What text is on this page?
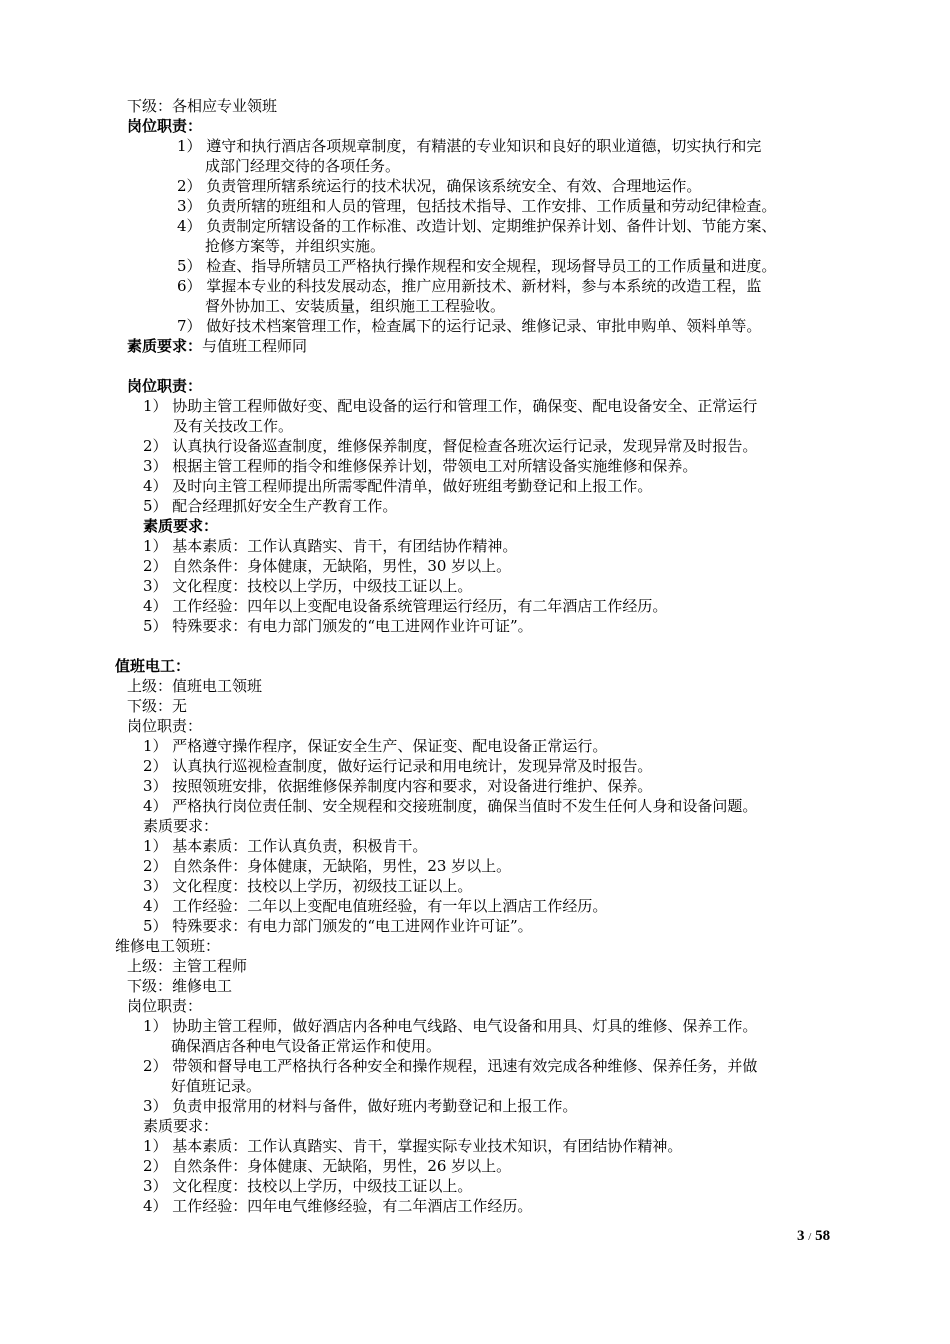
下级：各相应专业领班
岗位职责：
1） 遵守和执行酒店各项规章制度，有精湛的专业知识和良好的职业道德，切实执行和完
成部门经理交待的各项任务。
2） 负责管理所辖系统运行的技术状况，确保该系统安全、有效、合理地运作。
3） 负责所辖的班组和人员的管理，包括技术指导、工作安排、工作质量和劳动纪律检查。
4） 负责制定所辖设备的工作标准、改造计划、定期维护保养计划、备件计划、节能方案、
抢修方案等，并组织实施。
5） 检查、指导所辖员工严格执行操作规程和安全规程，现场督导员工的工作质量和进度。
6） 掌握本专业的科技发展动态，推广应用新技术、新材料，参与本系统的改造工程，监
督外协加工、安装质量，组织施工工程验收。
7） 做好技术档案管理工作，检查属下的运行记录、维修记录、审批申购单、领料单等。
素质要求：与值班工程师同
岗位职责：
1） 协助主管工程师做好变、配电设备的运行和管理工作，确保变、配电设备安全、正常运行
及有关技改工作。
2） 认真执行设备巡查制度，维修保养制度，督促检查各班次运行记录，发现异常及时报告。
3） 根据主管工程师的指令和维修保养计划，带领电工对所辖设备实施维修和保养。
4） 及时向主管工程师提出所需零配件清单，做好班组考勤登记和上报工作。
5） 配合经理抓好安全生产教育工作。
素质要求：
1） 基本素质：工作认真踏实、肯干，有团结协作精神。
2） 自然条件：身体健康，无缺陷，男性，30 岁以上。
3） 文化程度：技校以上学历，中级技工证以上。
4） 工作经验：四年以上变配电设备系统管理运行经历，有二年酒店工作经历。
5） 特殊要求：有电力部门颁发的“电工进网作业许可证”。
值班电工：
上级：值班电工领班
下级：无
岗位职责：
1） 严格遵守操作程序，保证安全生产、保证变、配电设备正常运行。
2） 认真执行巡视检查制度，做好运行记录和用电统计，发现异常及时报告。
3） 按照领班安排，依据维修保养制度内容和要求，对设备进行维护、保养。
4） 严格执行岗位责任制、安全规程和交接班制度，确保当值时不发生任何人身和设备问题。
素质要求：
1） 基本素质：工作认真负责，积极肯干。
2） 自然条件：身体健康，无缺陷，男性，23 岁以上。
3） 文化程度：技校以上学历，初级技工证以上。
4） 工作经验：二年以上变配电值班经验，有一年以上酒店工作经历。
5） 特殊要求：有电力部门颁发的“电工进网作业许可证”。
维修电工领班：
上级：主管工程师
下级：维修电工
岗位职责：
1） 协助主管工程师，做好酒店内各种电气线路、电气设备和用具、灯具的维修、保养工作。
确保酒店各种电气设备正常运作和使用。
2） 带领和督导电工严格执行各种安全和操作规程，迅速有效完成各种维修、保养任务，并做
好值班记录。
3） 负责申报常用的材料与备件，做好班内考勤登记和上报工作。
素质要求：
1） 基本素质：工作认真踏实、肯干，掌握实际专业技术知识，有团结协作精神。
2） 自然条件：身体健康、无缺陷，男性，26 岁以上。
3） 文化程度：技校以上学历，中级技工证以上。
4） 工作经验：四年电气维修经验，有二年酒店工作经历。
3 / 58
